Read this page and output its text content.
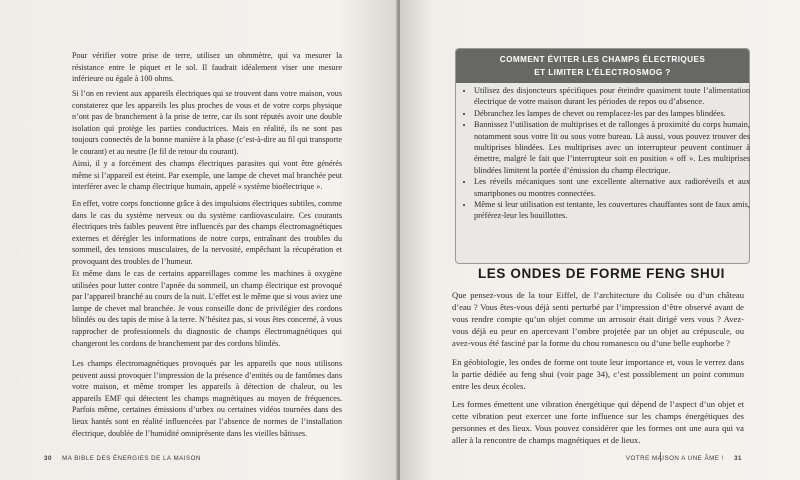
Pour vérifier votre prise de terre, utilisez un ohmmètre, qui va mesurer la résistance entre le piquet et le sol. Il faudrait idéalement viser une mesure inférieure ou égale à 100 ohms.

Si l’on en revient aux appareils électriques qui se trouvent dans votre maison, vous constaterez que les appareils les plus proches de vous et de votre corps physique n’ont pas de branchement à la prise de terre, car ils sont réputés avoir une double isolation qui protège les parties conductrices. Mais en réalité, ils ne sont pas toujours connectés de la bonne manière à la phase (c’est-à-dire au fil qui transporte le courant) et au neutre (le fil de retour du courant).

Ainsi, il y a forcément des champs électriques parasites qui vont être générés même si l’appareil est éteint. Par exemple, une lampe de chevet mal branchée peut interférer avec le champ électrique humain, appelé « système bioélectrique ».

En effet, votre corps fonctionne grâce à des impulsions électriques subtiles, comme dans le cas du système nerveux ou du système cardiovasculaire. Ces courants électriques très faibles peuvent être influencés par des champs électromagnétiques externes et dérégler les informations de notre corps, entraînant des troubles du sommeil, des tensions musculaires, de la nervosité, empêchant la récupération et provoquant des troubles de l’humeur.

Et même dans le cas de certains appareillages comme les machines à oxygène utilisées pour lutter contre l’apnée du sommeil, un champ électrique est provoqué par l’appareil branché au cours de la nuit. L’effet est le même que si vous aviez une lampe de chevet mal branchée. Je vous conseille donc de privilégier des cordons blindés ou des tapis de mise à la terre. N’hésitez pas, si vous êtes concerné, à vous rapprocher de professionnels du diagnostic de champs électromagnétiques qui changeront les cordons de branchement par des cordons blindés.

Les champs électromagnétiques provoqués par les appareils que nous utilisons peuvent aussi provoquer l’impression de la présence d’entités ou de fantômes dans votre maison, et même tromper les appareils à détection de chaleur, ou les appareils EMF qui détectent les champs magnétiques au moyen de fréquences. Parfois même, certaines émissions d’urbex ou certaines vidéos tournées dans des lieux hantés sont en réalité influencées par l’absence de normes de l’installation électrique, doublée de l’humidité omniprésente dans les vieilles bâtisses.

30 MA BIBLE DES ÉNERGIES DE LA MAISON
COMMENT ÉVITER LES CHAMPS ÉLECTRIQUES
ET LIMITER L’ÉLECTROSMOG ?
• Utilisez des disjoncteurs spécifiques pour éteindre quasiment toute l’alimentation électrique de votre maison durant les périodes de repos ou d’absence.
• Débranchez les lampes de chevet ou remplacez-les par des lampes blindées.
• Bannissez l’utilisation de multiprises et de rallonges à proximité du corps humain, notamment sous votre lit ou sous votre bureau. Là aussi, vous pouvez trouver des multiprises blindées. Les multiprises avec un interrupteur peuvent continuer à émettre, malgré le fait que l’interrupteur soit en position « off ». Les multiprises blindées limitent la portée d’émission du champ électrique.
• Les réveils mécaniques sont une excellente alternative aux radioréveils et aux smartphones ou montres connectées.
• Même si leur utilisation est tentante, les couvertures chauffantes sont de faux amis, préférez-leur les bouillottes.
LES ONDES DE FORME FENG SHUI

Que pensez-vous de la tour Eiffel, de l’architecture du Colisée ou d’un château d’eau ? Vous êtes-vous déjà senti perturbé par l’impression d’être observé avant de vous rendre compte qu’un objet comme un arrosoir était dirigé vers vous ? Avez-vous déjà eu peur en apercevant l’ombre projetée par un objet au crépuscule, ou avez-vous été fasciné par la forme du chou romanesco ou d’une belle euphorbe ?

En géobiologie, les ondes de forme ont toute leur importance et, vous le verrez dans la partie dédiée au feng shui (voir page 34), c’est possiblement un point commun entre les deux écoles.

Les formes émettent une vibration énergétique qui dépend de l’aspect d’un objet et cette vibration peut exercer une forte influence sur les champs énergétiques des personnes et des lieux. Vous pouvez considérer que les formes ont une aura qui va aller à la rencontre de champs magnétiques et de lieux.

VOTRE MAISON A UNE ÂME ! 31
